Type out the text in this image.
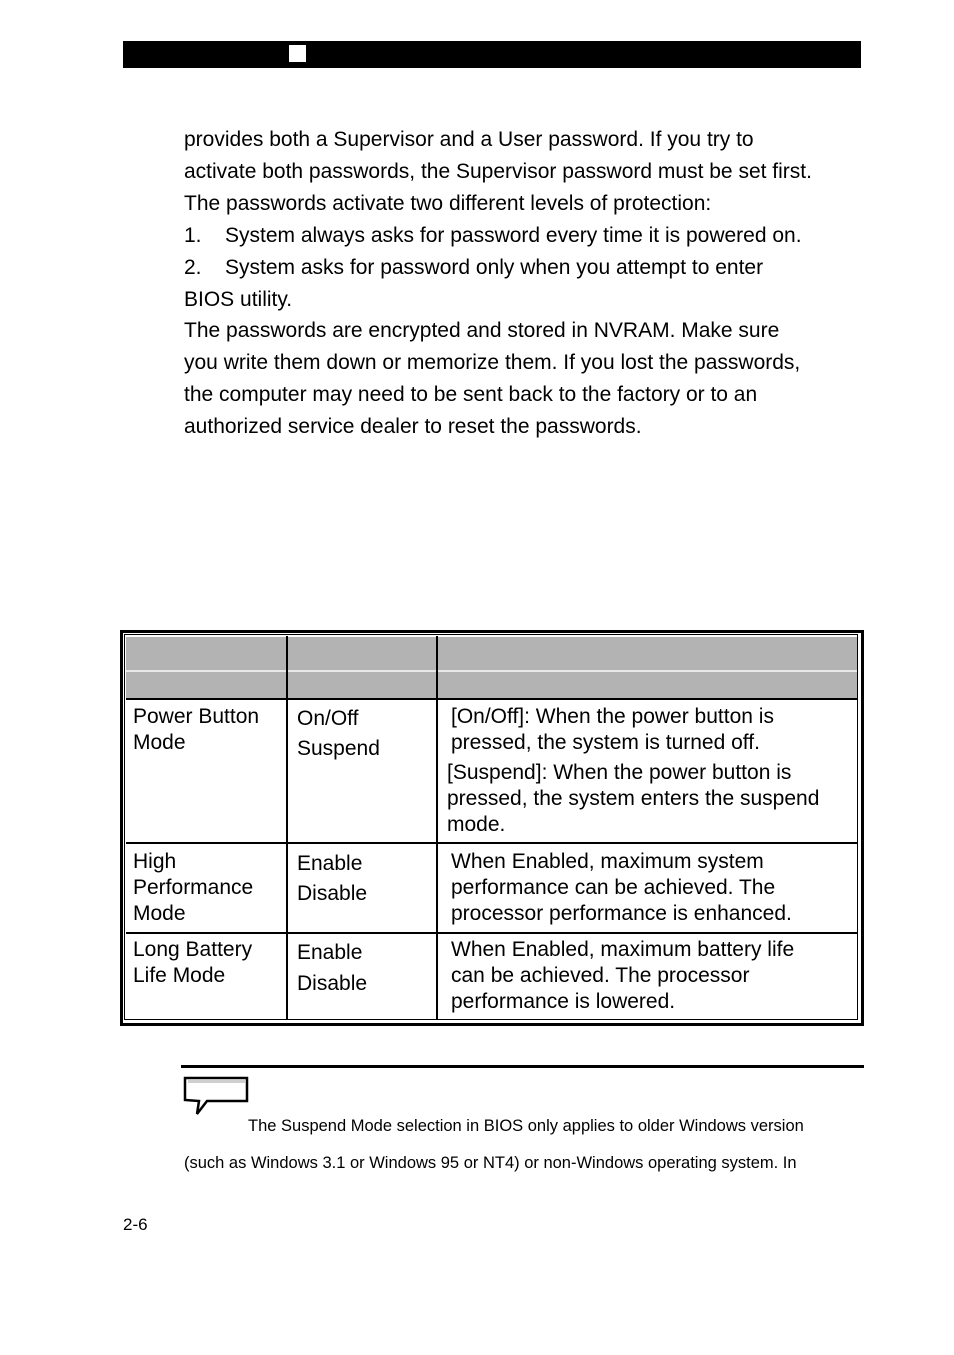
provides both a Supervisor and a User password. If you try to

activate both passwords, the Supervisor password must be set first.

The passwords activate two different levels of protection:

1. System always asks for password every time it is powered on.

2. System asks for password only when you attempt to enter

BIOS utility.

The passwords are encrypted and stored in NVRAM. Make sure

you write them down or memorize them. If you lost the passwords,

the computer may need to be sent back to the factory or to an

authorized service dealer to reset the passwords.

Power Button
Mode
On/Off
Suspend
[On/Off]: When the power button is
pressed, the system is turned off.
[Suspend]: When the power button is
pressed, the system enters the suspend
mode.
High
Performance
Mode
Enable
Disable
When Enabled, maximum system
performance can be achieved. The
processor performance is enhanced.
Long Battery
Life Mode
Enable
Disable
When Enabled, maximum battery life
can be achieved. The processor
performance is lowered.
The Suspend Mode selection in BIOS only applies to older Windows version
(such as Windows 3.1 or Windows 95 or NT4) or non-Windows operating system. In
2-6
